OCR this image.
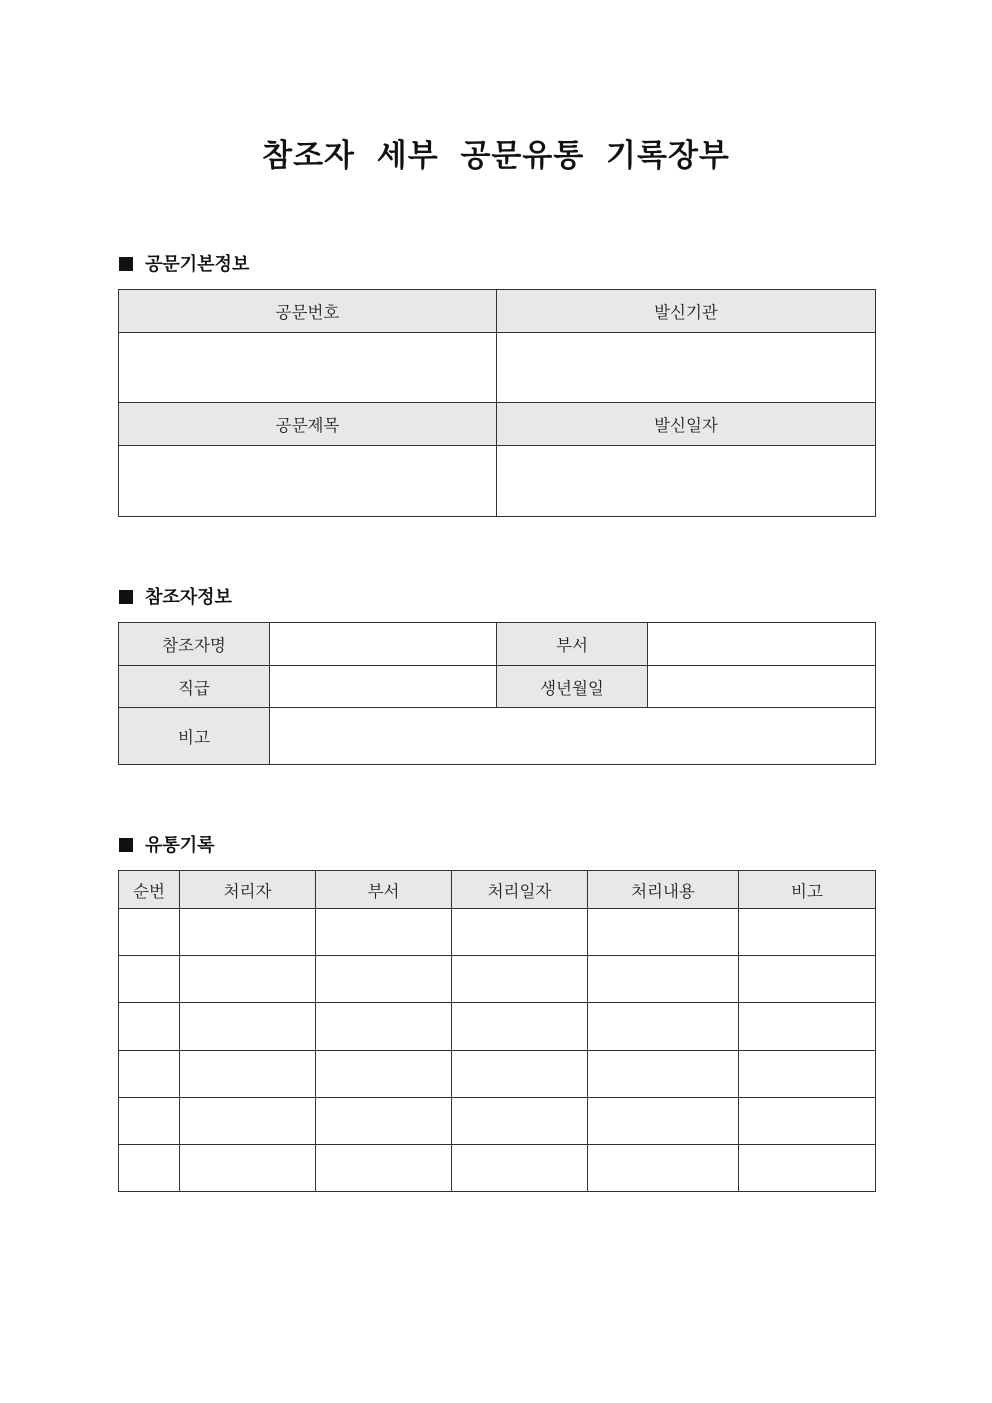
참조자 세부 공문유통 기록장부
공문기본정보
공문번호	발신기관

공문제목	발신일자

참조자정보
참조자명		부서	
직급		생년월일	
비고			
유통기록
순번	처리자	부서	처리일자	처리내용	비고
